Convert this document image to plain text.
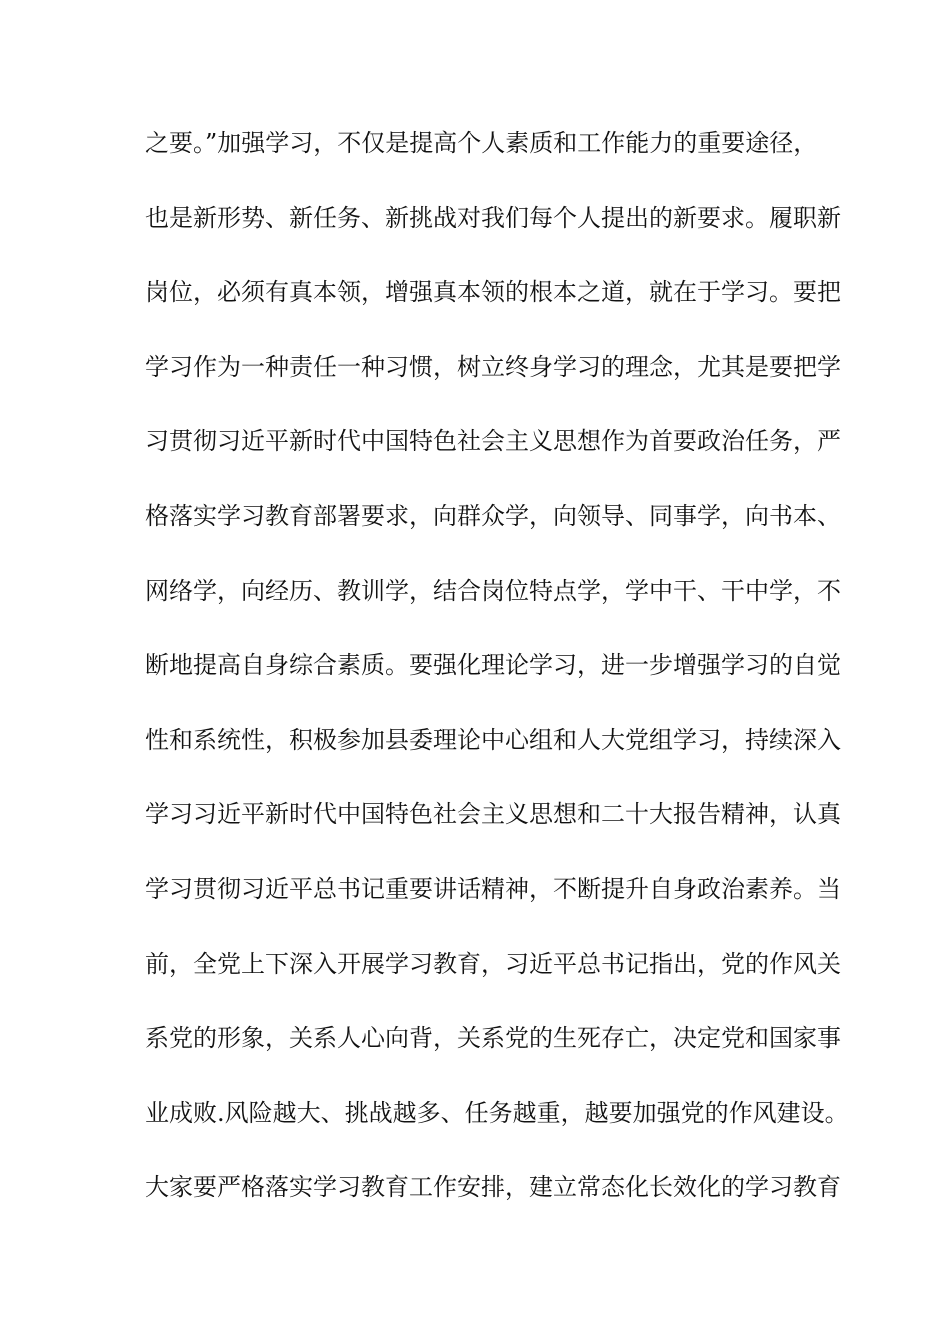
之要。”加强学习，不仅是提高个人素质和工作能力的重要途径，
也是新形势、新任务、新挑战对我们每个人提出的新要求。履职新
岗位，必须有真本领，增强真本领的根本之道，就在于学习。要把
学习作为一种责任一种习惯，树立终身学习的理念，尤其是要把学
习贯彻习近平新时代中国特色社会主义思想作为首要政治任务，严
格落实学习教育部署要求，向群众学，向领导、同事学，向书本、
网络学，向经历、教训学，结合岗位特点学，学中干、干中学，不
断地提高自身综合素质。要强化理论学习，进一步增强学习的自觉
性和系统性，积极参加县委理论中心组和人大党组学习，持续深入
学习习近平新时代中国特色社会主义思想和二十大报告精神，认真
学习贯彻习近平总书记重要讲话精神，不断提升自身政治素养。当
前，全党上下深入开展学习教育，习近平总书记指出，党的作风关
系党的形象，关系人心向背，关系党的生死存亡，决定党和国家事
业成败.风险越大、挑战越多、任务越重，越要加强党的作风建设。
大家要严格落实学习教育工作安排，建立常态化长效化的学习教育
